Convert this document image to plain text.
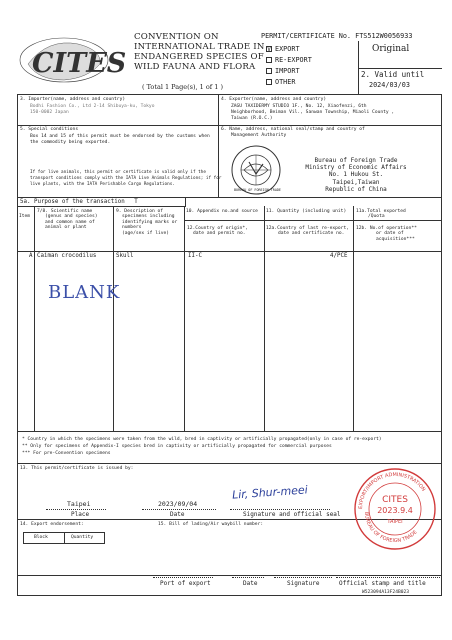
CITES
CONVENTION ON
INTERNATIONAL TRADE IN
ENDANGERED SPECIES OF
WILD FAUNA AND FLORA
( Total 1 Page(s), 1 of 1 )
PERMIT/CERTIFICATE No. FTS512W0056933
V EXPORT
RE-EXPORT
IMPORT
OTHER
Original
2. Valid until
2024/03/03
3. Importer(name, address and country)
Bodhi Fashion Co., Ltd 2-14 Shibuya-ku, Tokyo
150-0002 Japan
4. Exporter(name, address and country)
ZAGU TAXIDERMY STUDIO 1F., No. 12, Xiaofenzi, 6th
Neighborhood, Beiman Vil., Sanwan Township, Miaoli County ,
Taiwan (R.O.C.)
5. Special conditions
Box 14 and 15 of this permit must be endorsed by the customs when
the commodity being exported.
If for live animals, this permit or certificate is valid only if the
transport conditions comply with the IATA Live Animals Regulations; if for
live plants, with the IATA Perishable Cargo Regulations.
6. Name, address, national seal/stamp and country of
Management Authority
BUREAU OF FOREIGN TRADE
Bureau of Foreign Trade
Ministry of Economic Affairs
No. 1 Hukou St.
Taipei,Taiwan
Republic of China
5a. Purpose of the transaction T
Item
7/8. Scientific name
(genus and species)
and common name of
animal or plant
9. Description of
specimens including
identifying marks or
numbers
(age/sex if live)
10. Appendix no.and source 11. Quantity (including unit) 11a.Total exported
/Quota
12.Country of origin*,
date and permit no.
12a.Country of last re-export,
date and certificate no.
12b. No.of operation**
or date of
acquisition***
A Caiman crocodilus	Skull	II-C	4/PCE
BLANK
* Country in which the specimens were taken from the wild, bred in captivity or artificially propagated(only in case of re-export)
** Only for specimens of Appendix-I species bred in captivity or artificially propagated for commercial purposes
*** For pre-Convention specimens
13. This permit/certificate is issued by:
Taipei	2023/09/04
Lir, Shur-meei
Place	Date	Signature and official seal
EXPORT/IMPORT ADMINISTRATION
BUREAU OF FOREIGN TRADE
CITES
2023.9.4
TAIPEI
14. Export endorsement:	15. Bill of lading/Air waybill number:
Block	Quantity
Port of export	Date	Signature	Official stamp and title
W523094A13F24B023
